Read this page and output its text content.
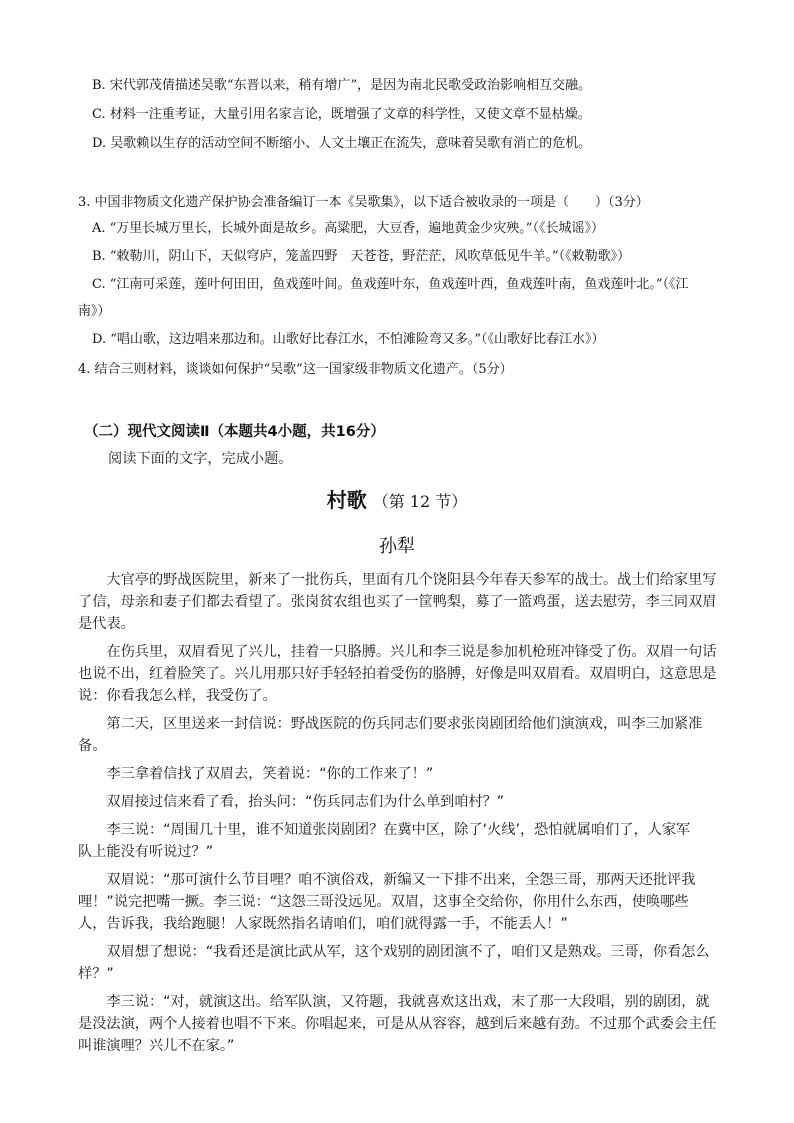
B. 宋代郭茂倩描述吴歌“东晋以来，稍有增广”，是因为南北民歌受政治影响相互交融。
C. 材料一注重考证，大量引用名家言论，既增强了文章的科学性，又使文章不显枯燥。
D. 吴歌赖以生存的活动空间不断缩小、人文土壤正在流失，意味着吴歌有消亡的危机。
3. 中国非物质文化遗产保护协会准备编订一本《吴歌集》，以下适合被收录的一项是（　　）（3分）
A. “万里长城万里长，长城外面是故乡。高粱肥，大豆香，遍地黄金少灾殃。”（《长城谣》）
B. “敕勒川，阴山下，天似穹庐，笼盖四野　天苍苍，野茫茫，风吹草低见牛羊。”（《敕勒歌》）
C. “江南可采莲，莲叶何田田，鱼戏莲叶间。鱼戏莲叶东，鱼戏莲叶西，鱼戏莲叶南，鱼戏莲叶北。”（《江
南》）
D. “唱山歌，这边唱来那边和。山歌好比春江水，不怕滩险弯又多。”（《山歌好比春江水》）
4. 结合三则材料，谈谈如何保护“吴歌”这一国家级非物质文化遗产。（5分）
（二）现代文阅读Ⅱ（本题共4小题，共16分）
阅读下面的文字，完成小题。
村歌 （第 12 节）
孙犁
　　大官亭的野战医院里，新来了一批伤兵，里面有几个饶阳县今年春天参军的战士。战士们给家里写
了信，母亲和妻子们都去看望了。张岗贫农组也买了一筐鸭梨，募了一篮鸡蛋，送去慰劳，李三同双眉
是代表。
　　在伤兵里，双眉看见了兴儿，挂着一只胳膊。兴儿和李三说是参加机枪班冲锋受了伤。双眉一句话
也说不出，红着脸笑了。兴儿用那只好手轻轻拍着受伤的胳膊，好像是叫双眉看。双眉明白，这意思是
说：你看我怎么样，我受伤了。
　　第二天，区里送来一封信说：野战医院的伤兵同志们要求张岗剧团给他们演演戏，叫李三加紧准
备。
　　李三拿着信找了双眉去，笑着说：“你的工作来了！”
　　双眉接过信来看了看，抬头问：“伤兵同志们为什么单到咱村？”
　　李三说：“周围几十里，谁不知道张岗剧团？在冀中区，除了‘火线’，恐怕就属咱们了，人家军
队上能没有听说过？”
　　双眉说：“那可演什么节目哩？咱不演俗戏，新编又一下排不出来，全怨三哥，那两天还批评我
哩！”说完把嘴一撅。李三说：“这怨三哥没远见。双眉，这事全交给你，你用什么东西，使唤哪些
人，告诉我，我给跑腿！人家既然指名请咱们，咱们就得露一手，不能丢人！”
　　双眉想了想说：“我看还是演比武从军，这个戏别的剧团演不了，咱们又是熟戏。三哥，你看怎么
样？”
　　李三说：“对，就演这出。给军队演，又符题，我就喜欢这出戏，末了那一大段唱，别的剧团，就
是没法演，两个人接着也唱不下来。你唱起来，可是从从容容，越到后来越有劲。不过那个武委会主任
叫谁演哩？兴儿不在家。”
